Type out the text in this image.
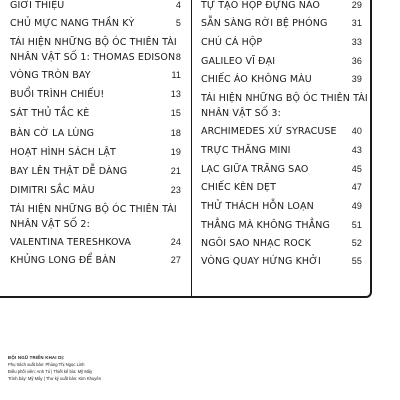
GIỚI THIỆU	4
CHỦ MỰC NANG THẦN KỲ	5
TÁI HIỆN NHỮNG BỘ ÓC THIÊN TÀI
NHÂN VẬT SỐ 1: THOMAS EDISON 8
VÒNG TRÒN BAY	11
BUỔI TRÌNH CHIẾU!	13
SÁT THỦ TẮC KÈ	15
BÀN CỜ LA LÙNG	18
HOẠT HÌNH SÁCH LẬT	19
BAY LÊN THẬT DỄ DÀNG	21
DIMITRI SẮC MÀU	23
TÁI HIỆN NHỮNG BỘ ÓC THIÊN TÀI
NHÂN VẬT SỐ 2:
VALENTINA TERESHKOVA	24
KHỦNG LONG ĐỂ BÀN	27
TỰ TẠO HỘP ĐỰNG NÁO	29
SẴN SÀNG RỜI BỆ PHÓNG	31
CHÚ CÁ HỘP	33
GALILEO VĨ ĐẠI	36
CHIẾC ÁO KHÔNG MÀU	39
TÁI HIỆN NHỮNG BỘ ÓC THIÊN TÀI
NHÂN VẬT SỐ 3:
ARCHIMEDES XỨ SYRACUSE	40
TRỰC THĂNG MINI	43
LẠC GIỮA TRĂNG SAO	45
CHIẾC KÈN DẸT	47
THỬ THÁCH HỖN LOẠN	49
THẲNG MÀ KHÔNG THẲNG	51
NGÔI SAO NHẠC ROCK	52
VÒNG QUAY HỨNG KHỞI	55
ĐỘI NGŨ TRIỂN KHAI DỊ:
Phụ trách xuất bản: Phùng Thị Ngọc Linh
Điều phối viên: Anh Tú | Thiết kế bìa: Mỹ Mây
Trình bày: Mỹ Mây | Thư ký xuất bản: Kim Khuyên
